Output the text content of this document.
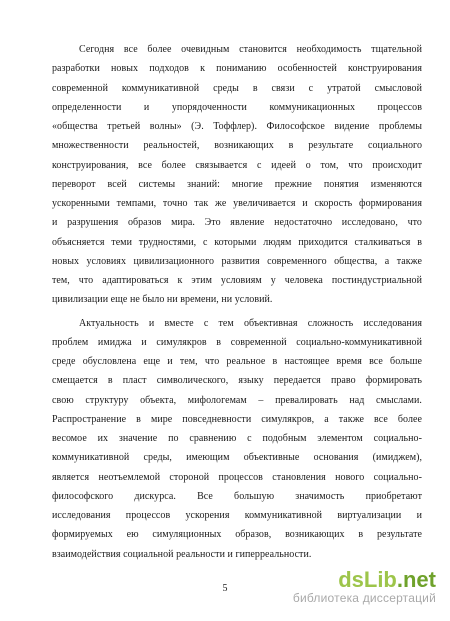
Сегодня все более очевидным становится необходимость тщательной
разработки новых подходов к пониманию особенностей конструирования
современной коммуникативной среды в связи с утратой смысловой
определенности и упорядоченности коммуникационных процессов
«общества третьей волны» (Э. Тоффлер). Философское видение проблемы
множественности реальностей, возникающих в результате социального
конструирования, все более связывается с идеей о том, что происходит
переворот всей системы знаний: многие прежние понятия изменяются
ускоренными темпами, точно так же увеличивается и скорость формирования
и разрушения образов мира. Это явление недостаточно исследовано, что
объясняется теми трудностями, с которыми людям приходится сталкиваться в
новых условиях цивилизационного развития современного общества, а также
тем, что адаптироваться к этим условиям у человека постиндустриальной
цивилизации еще не было ни времени, ни условий.
Актуальность и вместе с тем объективная сложность исследования
проблем имиджа и симулякров в современной социально-коммуникативной
среде обусловлена еще и тем, что реальное в настоящее время все больше
смещается в пласт символического, языку передается право формировать
свою структуру объекта, мифологемам – превалировать над смыслами.
Распространение в мире повседневности симулякров, а также все более
весомое их значение по сравнению с подобным элементом социально-
коммуникативной среды, имеющим объективные основания (имиджем),
является неотъемлемой стороной процессов становления нового социально-
философского дискурса. Все большую значимость приобретают
исследования процессов ускорения коммуникативной виртуализации и
формируемых ею симуляционных образов, возникающих в результате
взаимодействия социальной реальности и гиперреальности.
5	dsLib.net
библиотека диссертаций
